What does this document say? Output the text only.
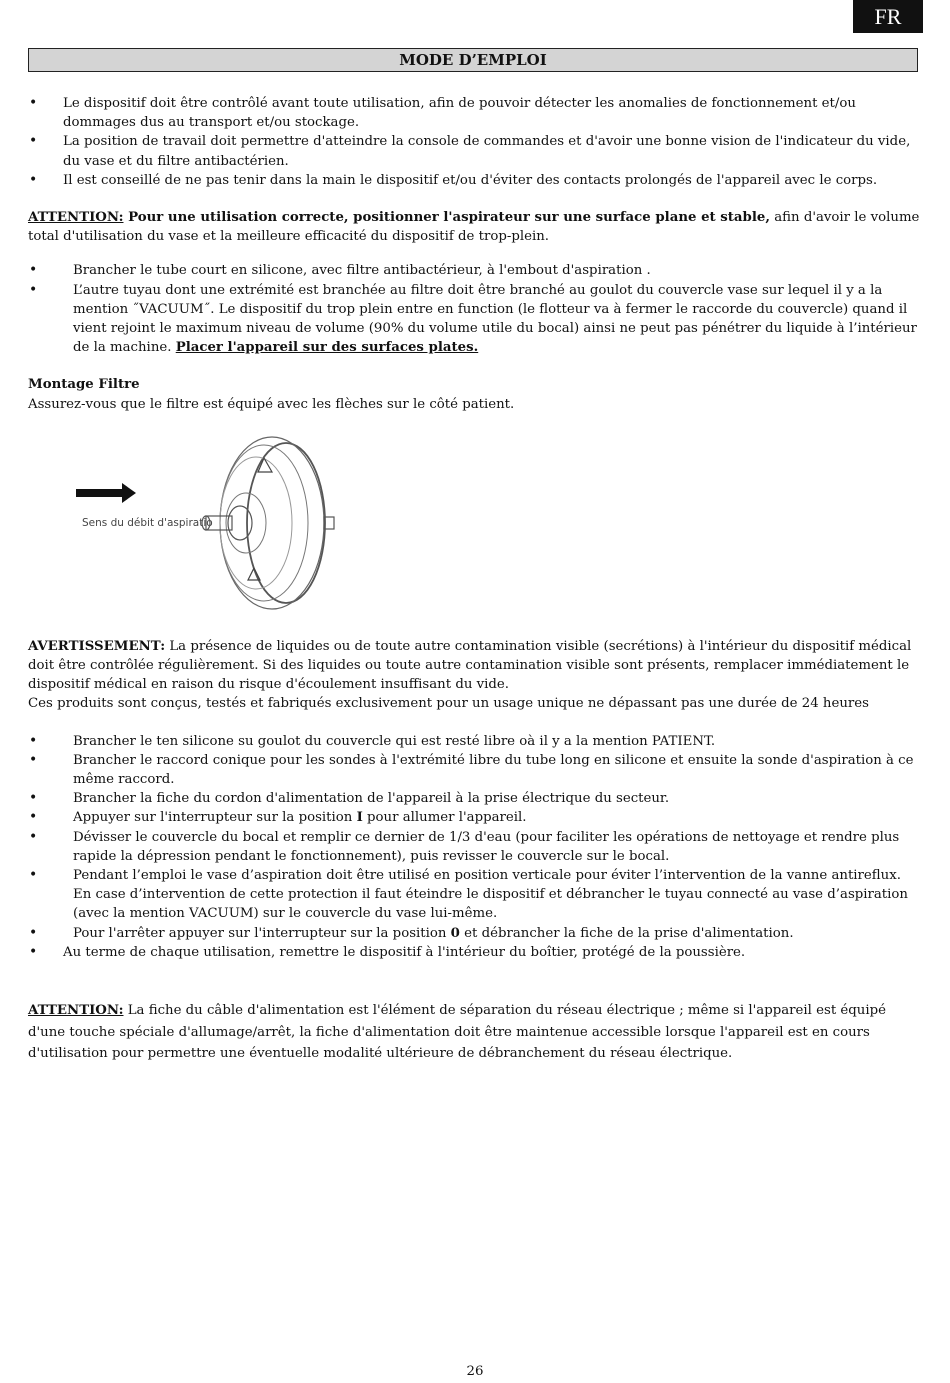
FR
MODE D’EMPLOI
• Le dispositif doit être contrôlé avant toute utilisation, afin de pouvoir détecter les anomalies de fonctionnement et/ou dommages dus au transport et/ou stockage.
• La position de travail doit permettre d'atteindre la console de commandes et d'avoir une bonne vision de l'indicateur du vide, du vase et du filtre antibactérien.
• Il est conseillé de ne pas tenir dans la main le dispositif et/ou d'éviter des contacts prolongés de l'appareil avec le corps.

ATTENTION: Pour une utilisation correcte, positionner l'aspirateur sur une surface plane et stable, afin d'avoir le volume total d'utilisation du vase et la meilleure efficacité du dispositif de trop-plein.

• Brancher le tube court en silicone, avec filtre antibactérieur, à l'embout d'aspiration .
• L’autre tuyau dont une extrémité est branchée au filtre doit être branché au goulot du couvercle vase sur lequel il y a la mention ˝VACUUM˝. Le dispositif du trop plein entre en function (le flotteur va à fermer le raccorde du couvercle) quand il vient rejoint le maximum niveau de volume (90% du volume utile du bocal) ainsi ne peut pas pénétrer du liquide à l’intérieur de la machine. Placer l'appareil sur des surfaces plates.

Montage Filtre

Assurez-vous que le filtre est équipé avec les flèches sur le côté patient.

Sens du débit d'aspiratio

AVERTISSEMENT: La présence de liquides ou de toute autre contamination visible (secrétions) à l'intérieur du dispositif médical doit être contrôlée régulièrement. Si des liquides ou toute autre contamination visible sont présents, remplacer immédiatement le dispositif médical en raison du risque d'écoulement insuffisant du vide.

Ces produits sont conçus, testés et fabriqués exclusivement pour un usage unique ne dépassant pas une durée de 24 heures

• Brancher le ten silicone su goulot du couvercle qui est resté libre oà il y a la mention PATIENT.
• Brancher le raccord conique pour les sondes à l'extrémité libre du tube long en silicone et ensuite la sonde d'aspiration à ce même raccord.
• Brancher la fiche du cordon d'alimentation de l'appareil à la prise électrique du secteur.
• Appuyer sur l'interrupteur sur la position I pour allumer l'appareil.
• Dévisser le couvercle du bocal et remplir ce dernier de 1/3 d'eau (pour faciliter les opérations de nettoyage et rendre plus rapide la dépression pendant le fonctionnement), puis revisser le couvercle sur le bocal.
• Pendant l’emploi le vase d’aspiration doit être utilisé en position verticale pour éviter l’intervention de la vanne antireflux. En case d’intervention de cette protection il faut éteindre le dispositif et débrancher le tuyau connecté au vase d’aspiration (avec la mention VACUUM) sur le couvercle du vase lui-même.
• Pour l'arrêter appuyer sur l'interrupteur sur la position 0 et débrancher la fiche de la prise d'alimentation.
• Au terme de chaque utilisation, remettre le dispositif à l'intérieur du boîtier, protégé de la poussière.

ATTENTION: La fiche du câble d'alimentation est l'élément de séparation du réseau électrique ; même si l'appareil est équipé d'une touche spéciale d'allumage/arrêt, la fiche d'alimentation doit être maintenue accessible lorsque l'appareil est en cours d'utilisation pour permettre une éventuelle modalité ultérieure de débranchement du réseau électrique.

26
